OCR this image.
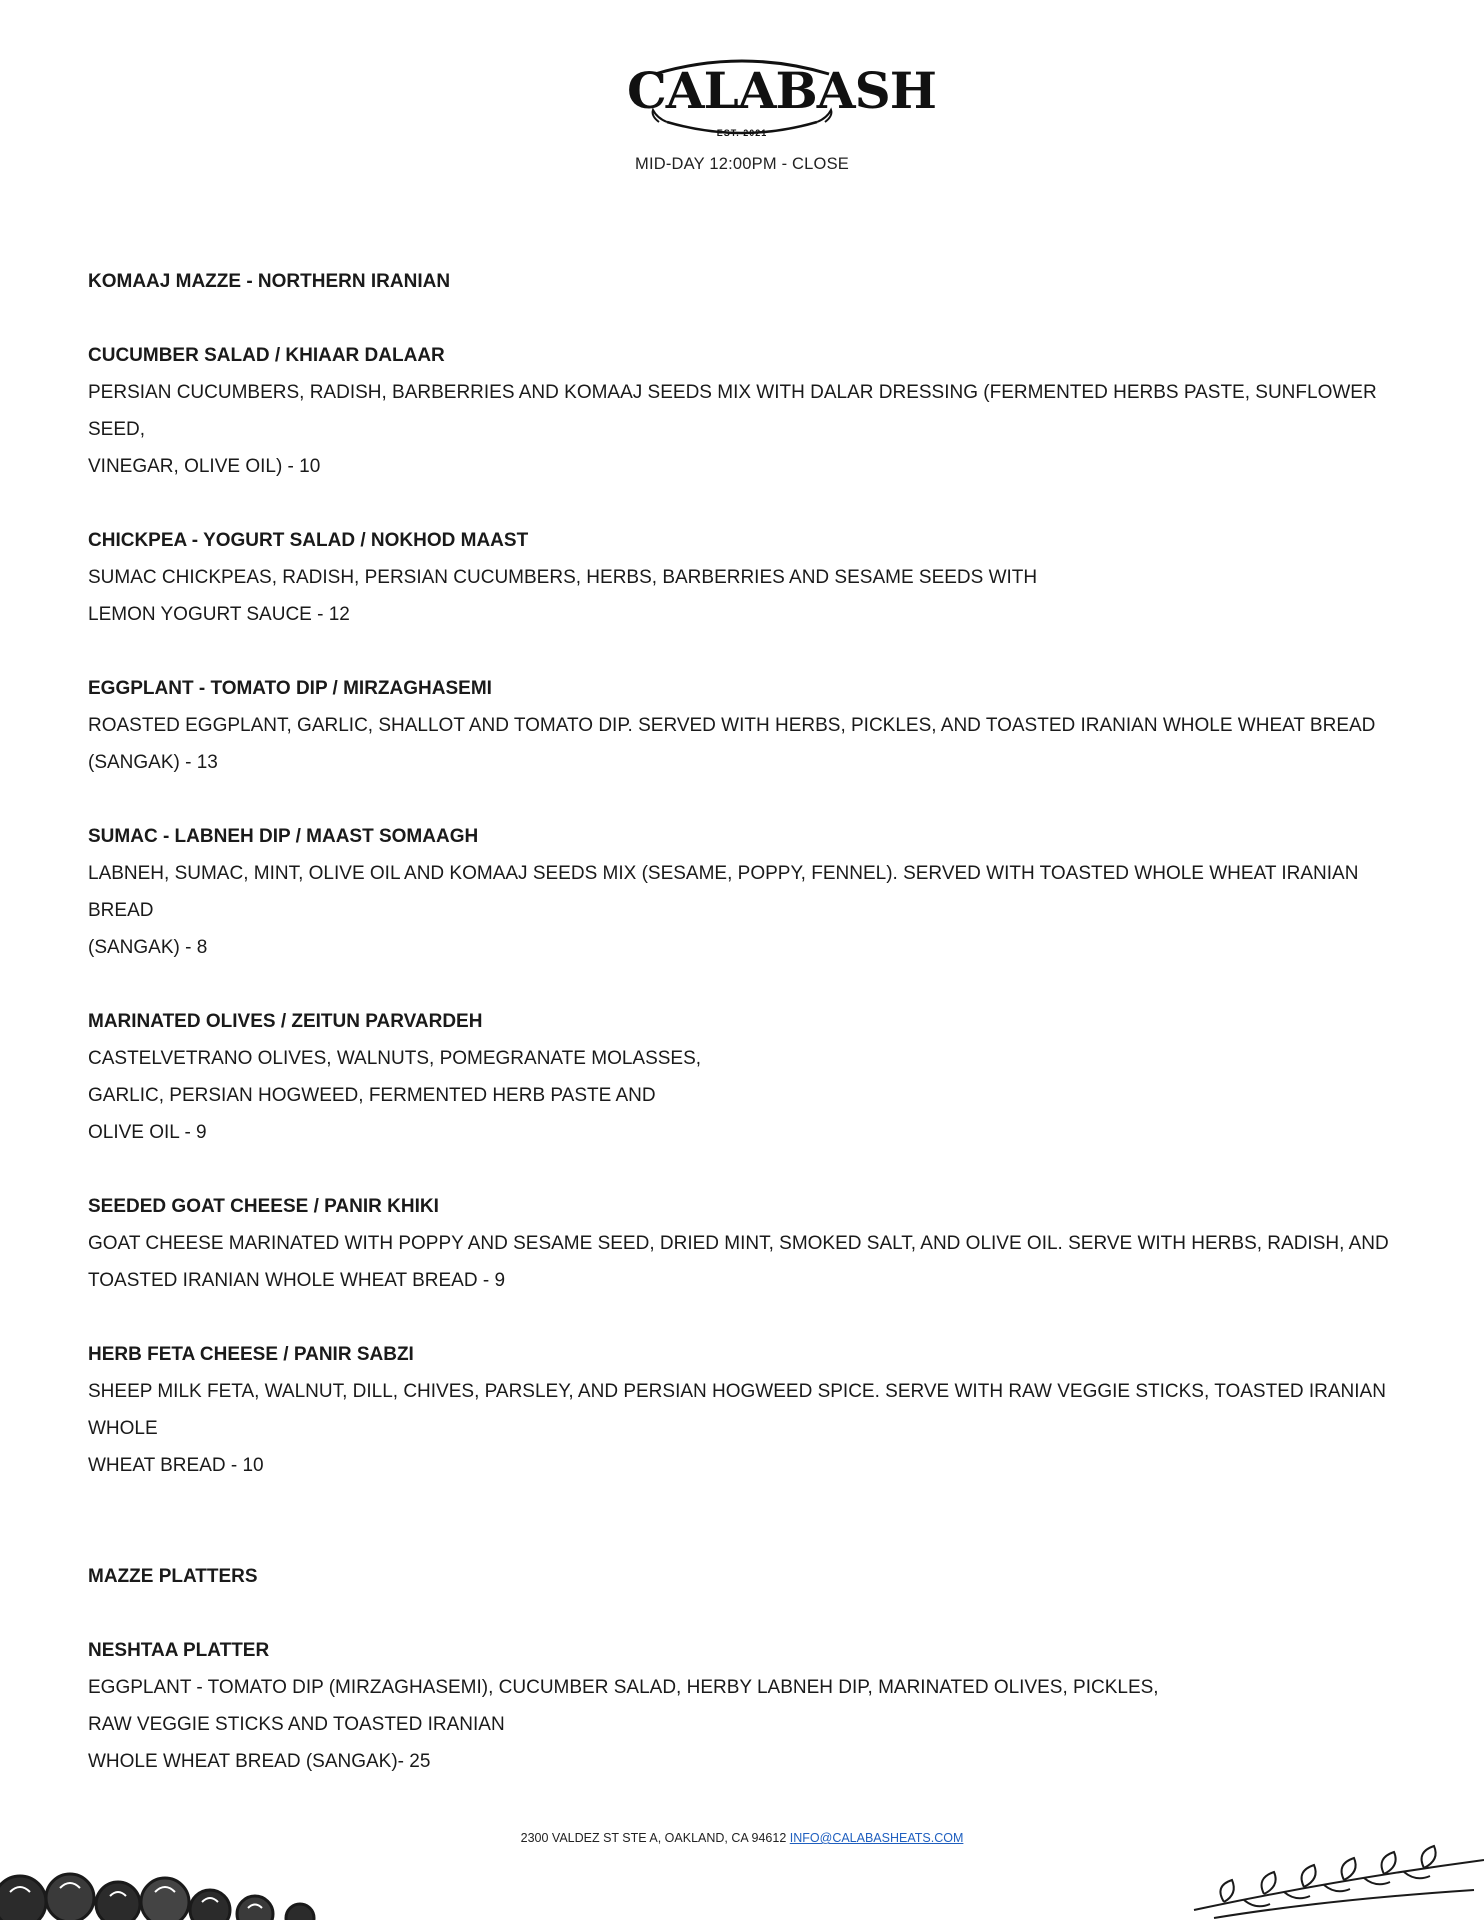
CALABASH
EST. 2021
MID-DAY 12:00PM - CLOSE
KOMAAJ MAZZE - NORTHERN IRANIAN
CUCUMBER SALAD / KHIAAR DALAAR
PERSIAN CUCUMBERS, RADISH, BARBERRIES AND KOMAAJ SEEDS MIX WITH DALAR DRESSING (FERMENTED HERBS PASTE, SUNFLOWER SEED,
VINEGAR, OLIVE OIL) - 10
CHICKPEA - YOGURT SALAD / NOKHOD MAAST
SUMAC CHICKPEAS, RADISH, PERSIAN CUCUMBERS, HERBS, BARBERRIES AND SESAME SEEDS WITH
LEMON YOGURT SAUCE - 12
EGGPLANT - TOMATO DIP / MIRZAGHASEMI
ROASTED EGGPLANT, GARLIC, SHALLOT AND TOMATO DIP. SERVED WITH HERBS, PICKLES, AND TOASTED IRANIAN WHOLE WHEAT BREAD
(SANGAK) - 13
SUMAC - LABNEH DIP / MAAST SOMAAGH
LABNEH, SUMAC, MINT, OLIVE OIL AND KOMAAJ SEEDS MIX (SESAME, POPPY, FENNEL). SERVED WITH TOASTED WHOLE WHEAT IRANIAN BREAD
(SANGAK) - 8
MARINATED OLIVES / ZEITUN PARVARDEH
CASTELVETRANO OLIVES, WALNUTS, POMEGRANATE MOLASSES,
GARLIC, PERSIAN HOGWEED, FERMENTED HERB PASTE AND
OLIVE OIL - 9
SEEDED GOAT CHEESE / PANIR KHIKI
GOAT CHEESE MARINATED WITH POPPY AND SESAME SEED, DRIED MINT, SMOKED SALT, AND OLIVE OIL. SERVE WITH HERBS, RADISH, AND
TOASTED IRANIAN WHOLE WHEAT BREAD - 9
HERB FETA CHEESE / PANIR SABZI
SHEEP MILK FETA, WALNUT, DILL, CHIVES, PARSLEY, AND PERSIAN HOGWEED SPICE. SERVE WITH RAW VEGGIE STICKS, TOASTED IRANIAN WHOLE
WHEAT BREAD - 10
MAZZE PLATTERS
NESHTAA PLATTER
EGGPLANT - TOMATO DIP (MIRZAGHASEMI), CUCUMBER SALAD, HERBY LABNEH DIP, MARINATED OLIVES, PICKLES,
RAW VEGGIE STICKS AND TOASTED IRANIAN
WHOLE WHEAT BREAD (SANGAK)- 25
2300 VALDEZ ST STE A, OAKLAND, CA 94612 INFO@CALABASHEATS.COM
